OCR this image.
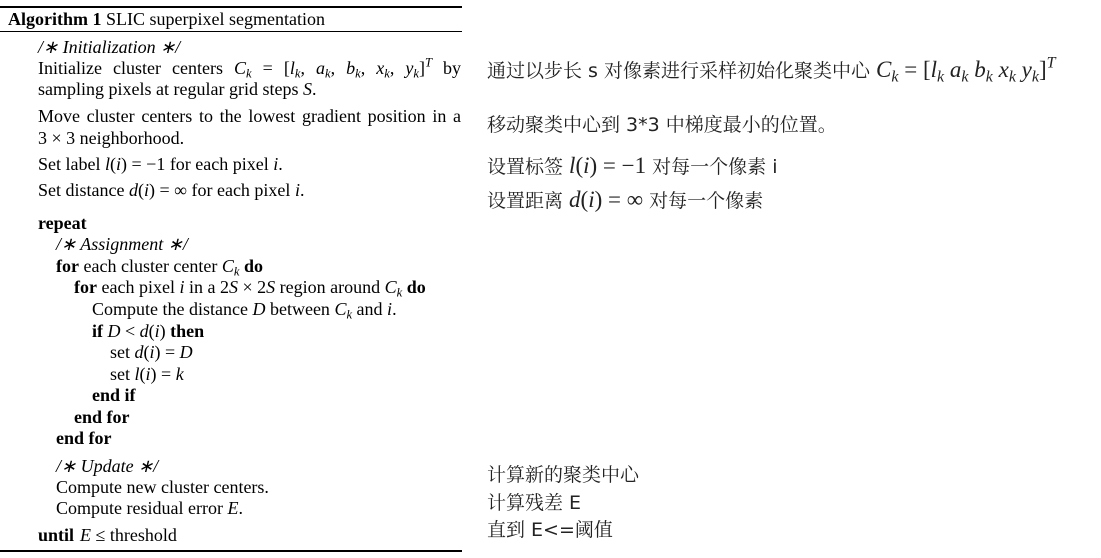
Algorithm 1 SLIC superpixel segmentation
/∗ Initialization ∗/
Initialize cluster centers $C_k = [l_k$, $a_k$, $b_k$, $x_k$, $y_k]^T$ by
sampling pixels at regular grid steps S.
Move cluster centers to the lowest gradient position in a
3 × 3 neighborhood.
Set label l(i) = −1 for each pixel i.
Set distance d(i) = ∞ for each pixel i.
repeat
/∗ Assignment ∗/
for each cluster center $C_k$ do
for each pixel i in a 2S × 2S region around $C_k$ do
Compute the distance D between $C_k$ and i.
if D < d(i) then
set d(i) = D
set l(i) = k
end if
end for
end for
/∗ Update ∗/
Compute new cluster centers.
Compute residual error E.
until E ≤ threshold
通过以步长 s 对像素进行采样初始化聚类中心 $C_k = [l_k$ $a_k$ $b_k$ $x_k$ $y_k]^T$
移动聚类中心到 3*3 中梯度最小的位置。
设置标签 l(i) = −1 对每一个像素 i
设置距离 d(i) = ∞ 对每一个像素
计算新的聚类中心
计算残差 E
直到 E<=阈值
